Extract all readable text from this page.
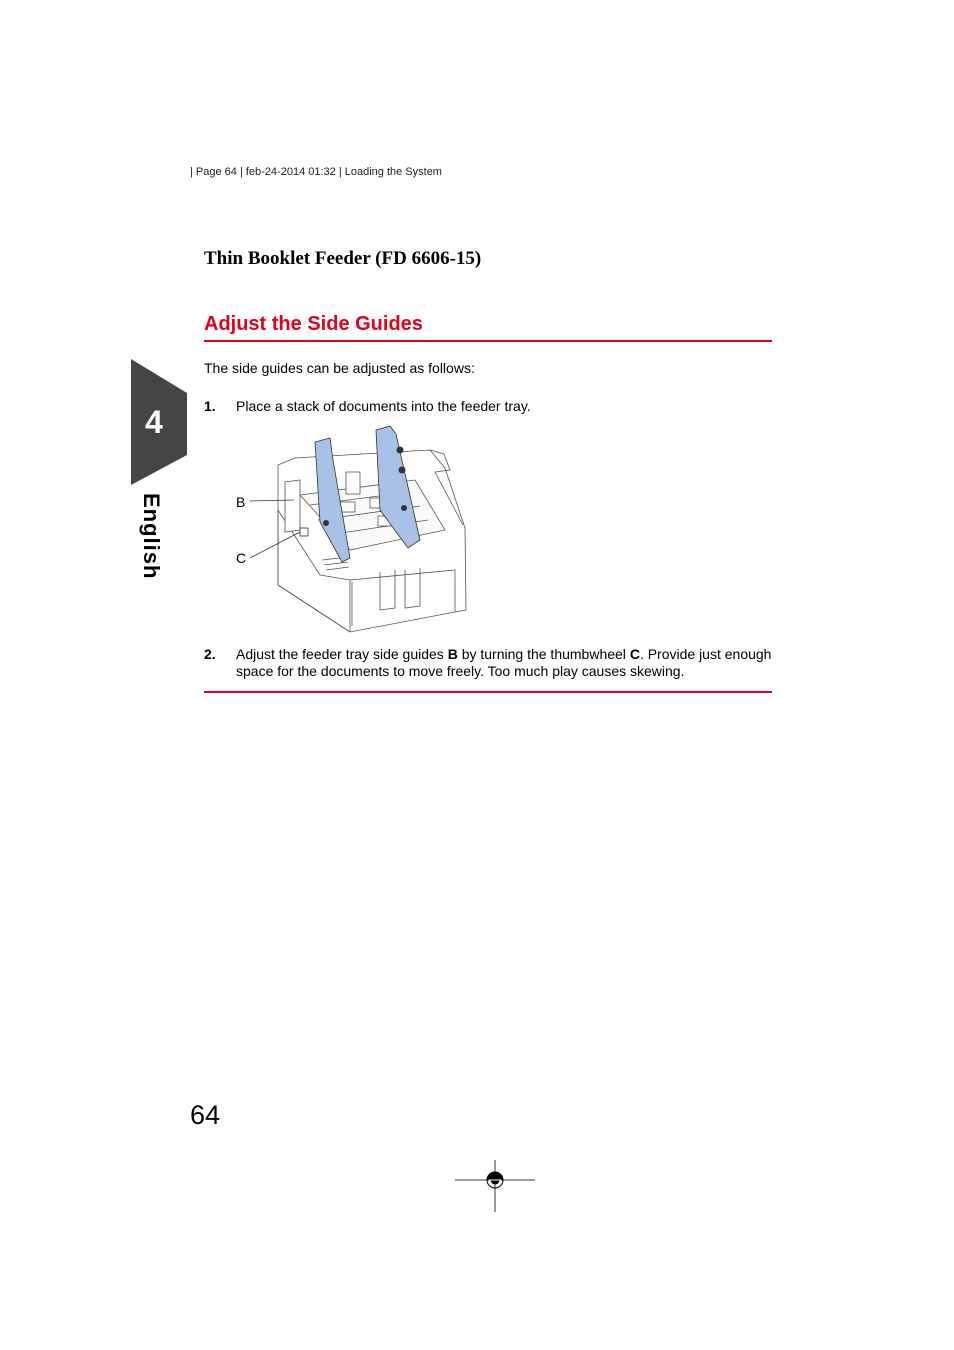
| Page 64 | feb-24-2014 01:32 | Loading the System
4
English
Thin Booklet Feeder (FD 6606-15)
Adjust the Side Guides
The side guides can be adjusted as follows:
1. Place a stack of documents into the feeder tray.
B
C
2. Adjust the feeder tray side guides B by turning the thumbwheel C. Provide just enough space for the documents to move freely. Too much play causes skewing.
64
